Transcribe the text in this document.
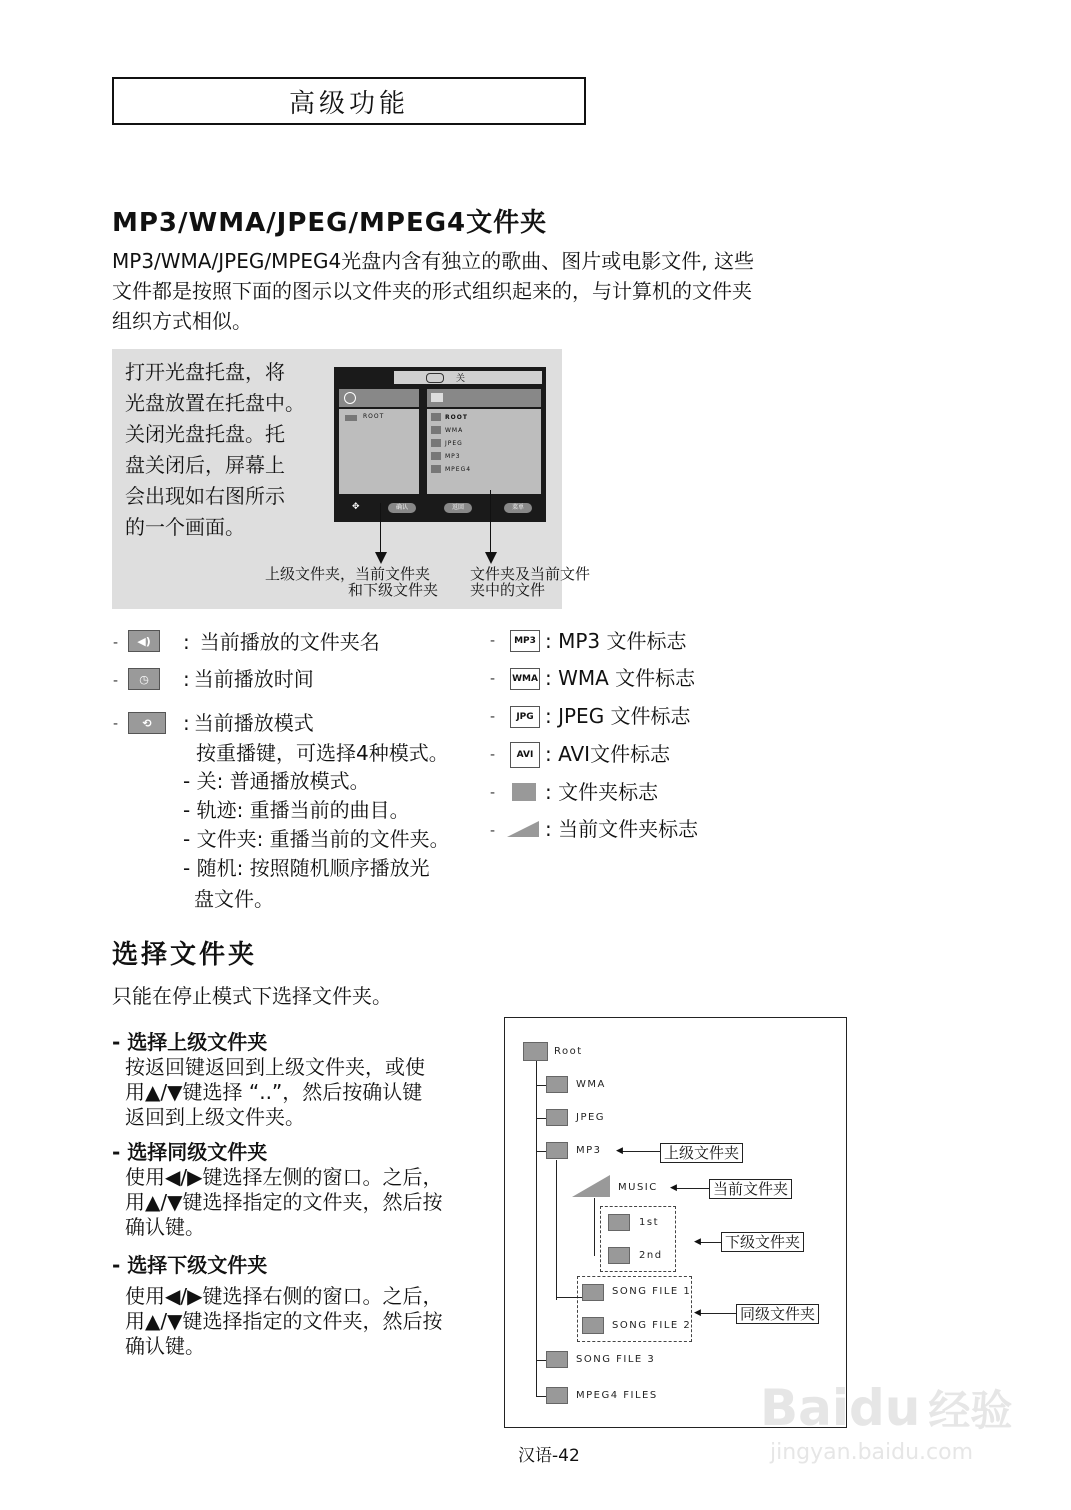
高级功能
MP3/WMA/JPEG/MPEG4文件夹
MP3/WMA/JPEG/MPEG4光盘内含有独立的歌曲、图片或电影文件, 这些
文件都是按照下面的图示以文件夹的形式组织起来的，与计算机的文件夹
组织方式相似。
打开光盘托盘，将
光盘放置在托盘中。
关闭光盘托盘。托
盘关闭后，屏幕上
会出现如右图所示
的一个画面。
关
ROOT	ROOT
WMA
JPEG
MP3
MPEG4
✥	确认	返回	菜单
上级文件夹，当前文件夹
和下级文件夹
文件夹及当前文件
夹中的文件
-	◀)	: 当前播放的文件夹名
-	◷	: 当前播放时间
-	⟲	: 当前播放模式
按重播键，可选择4种模式。
- 关: 普通播放模式。
- 轨迹: 重播当前的曲目。
- 文件夹: 重播当前的文件夹。
- 随机: 按照随机顺序播放光
盘文件。
-	MP3 : MP3 文件标志
- WMA : WMA 文件标志
-	JPG : JPEG 文件标志
-	AVI : AVI文件标志
- : 文件夹标志
- : 当前文件夹标志
选择文件夹
只能在停止模式下选择文件夹。
- 选择上级文件夹
按返回键返回到上级文件夹，或使
用▲/▼键选择 “..”，然后按确认键
返回到上级文件夹。
- 选择同级文件夹
使用◀/▶键选择左侧的窗口。之后，
用▲/▼键选择指定的文件夹，然后按
确认键。
- 选择下级文件夹
使用◀/▶键选择右侧的窗口。之后，
用▲/▼键选择指定的文件夹，然后按
确认键。
Root
WMA
JPEG
MP3
MUSIC
1st
2nd
SONG FILE 1
SONG FILE 2
SONG FILE 3
MPEG4 FILES
◀	上级文件夹
◀ 当前文件夹
◀ 下级文件夹
◀	同级文件夹
汉语-42
Baidu 经验
jingyan.baidu.com
